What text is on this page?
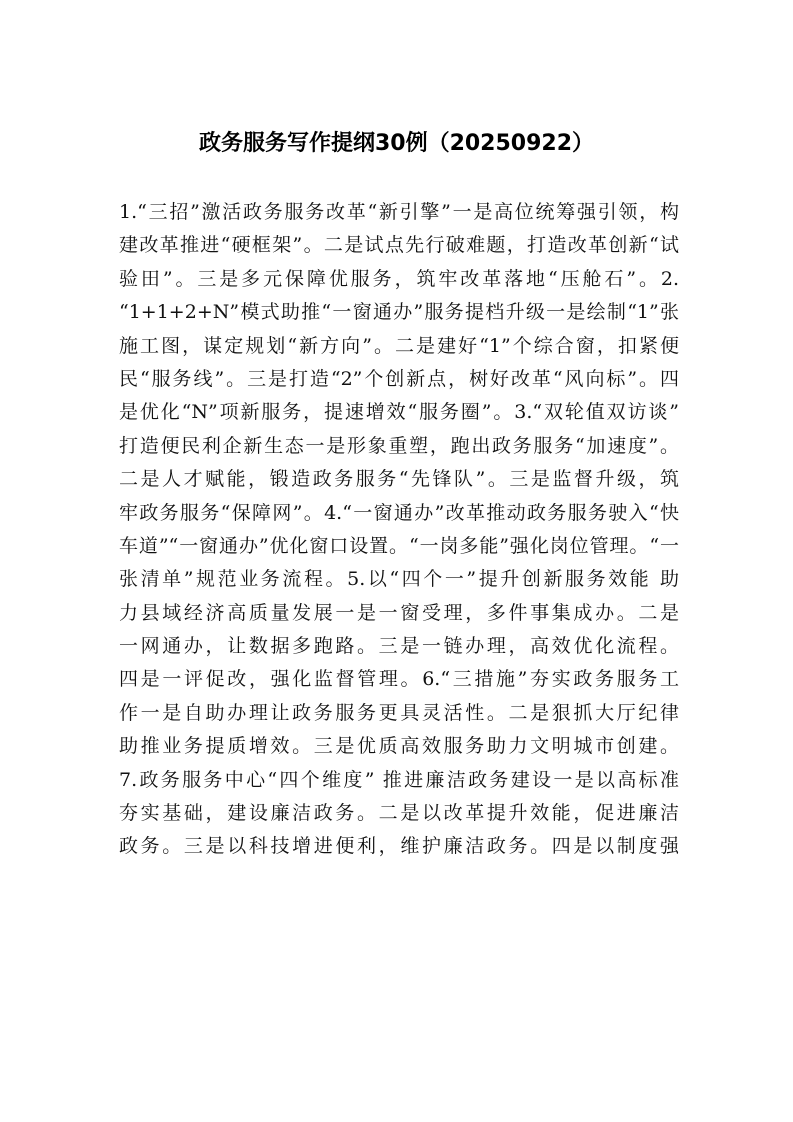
政务服务写作提纲30例（20250922）
1.“三招”激活政务服务改革“新引擎”一是高位统筹强引领，构
建改革推进“硬框架”。二是试点先行破难题，打造改革创新“试
验田”。三是多元保障优服务，筑牢改革落地“压舱石”。2.
“1+1+2+N”模式助推“一窗通办”服务提档升级一是绘制“1”张
施工图，谋定规划“新方向”。二是建好“1”个综合窗，扣紧便
民“服务线”。三是打造“2”个创新点，树好改革“风向标”。四
是优化“N”项新服务，提速增效“服务圈”。3.“双轮值双访谈”
打造便民利企新生态一是形象重塑，跑出政务服务“加速度”。
二是人才赋能，锻造政务服务“先锋队”。三是监督升级，筑
牢政务服务“保障网”。4.“一窗通办”改革推动政务服务驶入“快
车道”“一窗通办”优化窗口设置。“一岗多能”强化岗位管理。“一
张清单”规范业务流程。5.以“四个一”提升创新服务效能 助
力县域经济高质量发展一是一窗受理，多件事集成办。二是
一网通办，让数据多跑路。三是一链办理，高效优化流程。
四是一评促改，强化监督管理。6.“三措施”夯实政务服务工
作一是自助办理让政务服务更具灵活性。二是狠抓大厅纪律
助推业务提质增效。三是优质高效服务助力文明城市创建。
7.政务服务中心“四个维度” 推进廉洁政务建设一是以高标准
夯实基础，建设廉洁政务。二是以改革提升效能，促进廉洁
政务。三是以科技增进便利，维护廉洁政务。四是以制度强
